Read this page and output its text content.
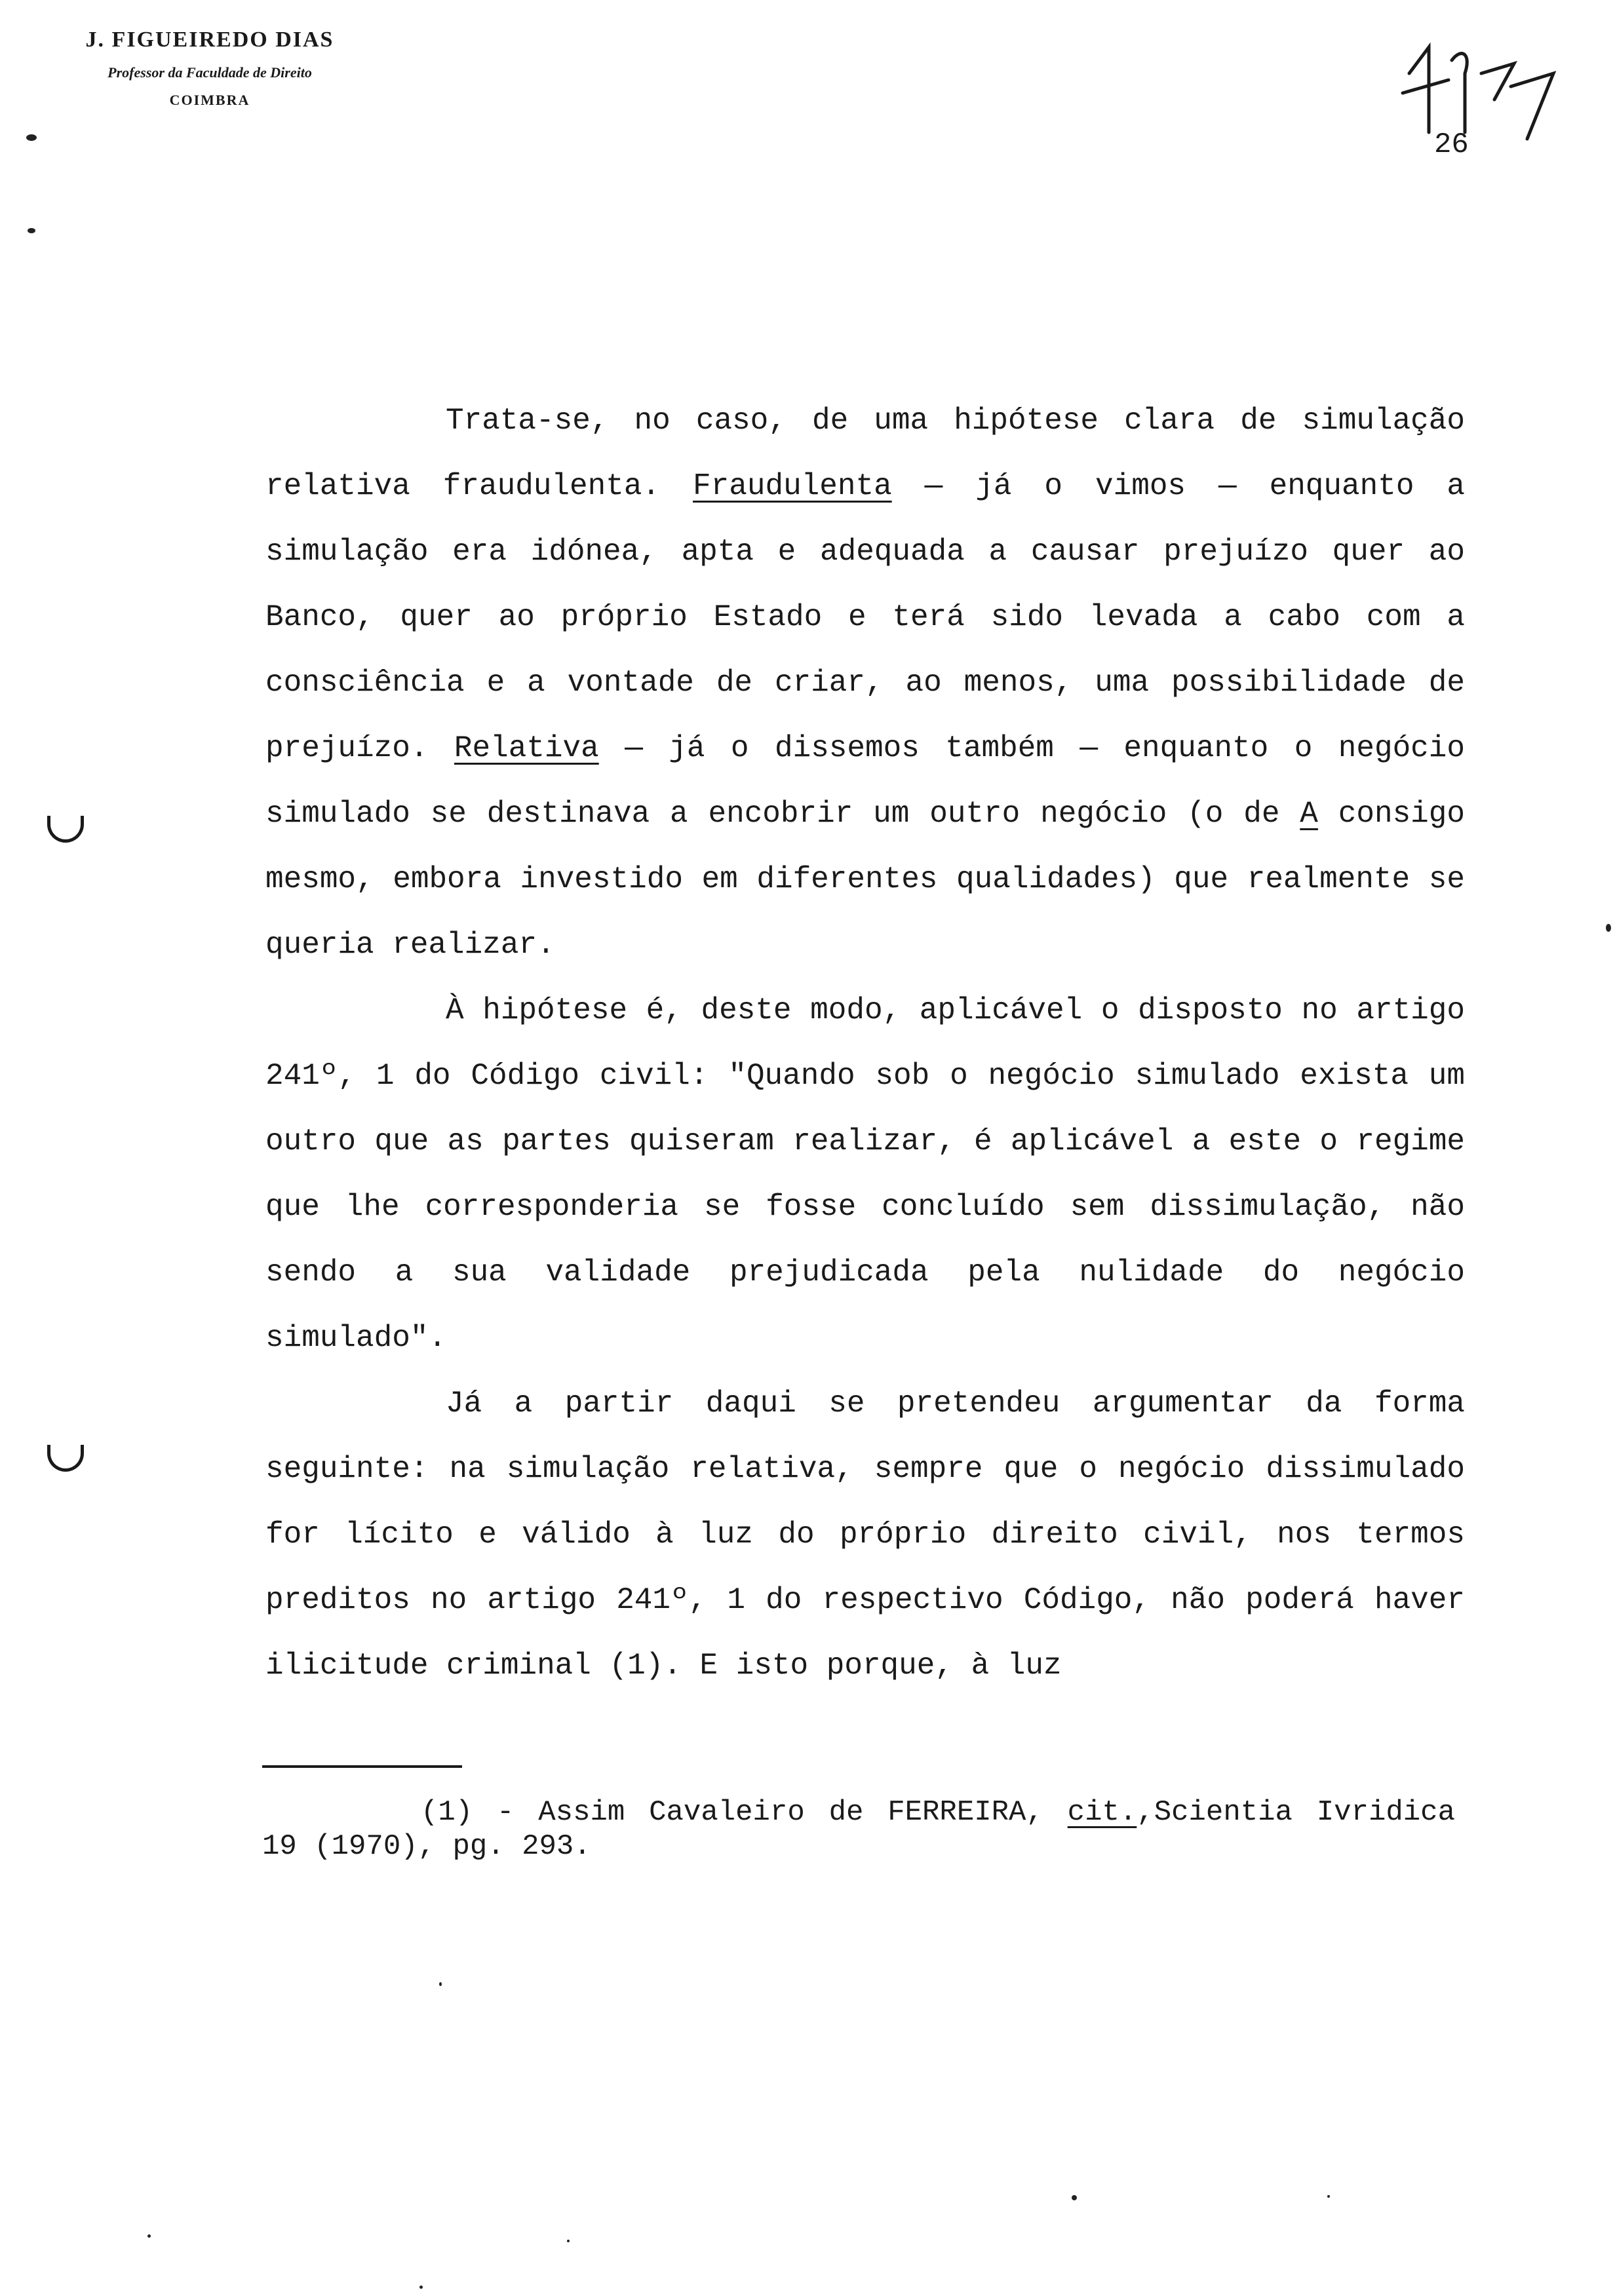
J. FIGUEIREDO DIAS
Professor da Faculdade de Direito
COIMBRA
26

Trata-se, no caso, de uma hipótese clara de simulação relativa fraudulenta. Fraudulenta — já o vimos — enquanto a simulação era idónea, apta e adequada a causar prejuízo quer ao Banco, quer ao próprio Estado e terá sido levada a cabo com a consciência e a vontade de criar, ao menos, uma possibilidade de prejuízo. Relativa — já o dissemos também — enquanto o negócio simulado se destinava a encobrir um outro negócio (o de A consigo mesmo, embora investido em diferentes qualidades) que realmente se queria realizar.

À hipótese é, deste modo, aplicável o disposto no artigo 241º, 1 do Código civil: "Quando sob o negócio simulado exista um outro que as partes quiseram realizar, é aplicável a este o regime que lhe corresponderia se fosse concluído sem dissimulação, não sendo a sua validade prejudicada pela nulidade do negócio simulado".

Já a partir daqui se pretendeu argumentar da forma seguinte: na simulação relativa, sempre que o negócio dissimulado for lícito e válido à luz do próprio direito civil, nos termos preditos no artigo 241º, 1 do respectivo Código, não poderá haver ilicitude criminal (1). E isto porque, à luz

(1) - Assim Cavaleiro de FERREIRA, cit.,Scientia Ivridica 19 (1970), pg. 293.
